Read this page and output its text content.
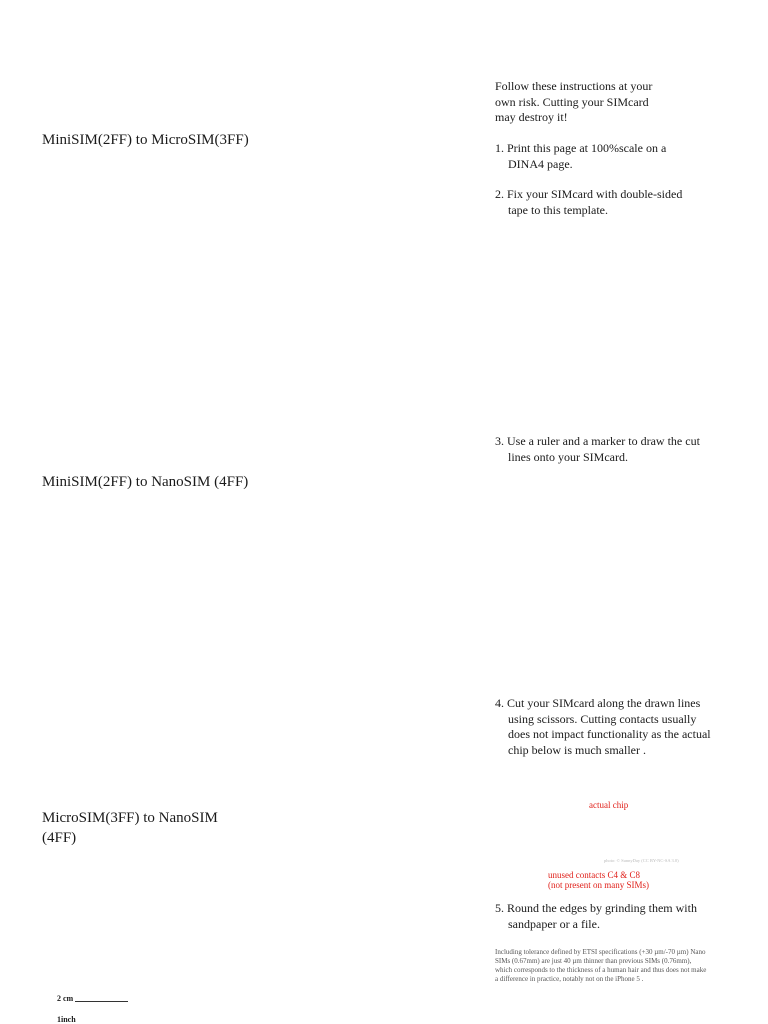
MiniSIM(2FF) to MicroSIM(3FF)
MiniSIM(2FF) to NanoSIM (4FF)
MicroSIM(3FF) to NanoSIM
(4FF)
Follow these instructions at your
own risk. Cutting your SIMcard
may destroy it!
1. Print this page at 100%scale on a DINA4 page.
2. Fix your SIMcard with double-sided tape to this template.
3. Use a ruler and a marker to draw the cut lines onto your SIMcard.
4. Cut your SIMcard along the drawn lines using scissors. Cutting contacts usually does not impact functionality as the actual chip below is much smaller .
actual chip
photo: © SunnyDay (CC BY-NC-SA 3.0)
unused contacts C4 & C8
(not present on many SIMs)
5. Round the edges by grinding them with sandpaper or a file.
Including tolerance defined by ETSI specifications (+30 µm/-70 µm) Nano SIMs (0.67mm) are just 40 µm thinner than previous SIMs (0.76mm), which corresponds to the thickness of a human hair and thus does not make a difference in practice, notably not on the iPhone 5 .
2 cm
1inch
